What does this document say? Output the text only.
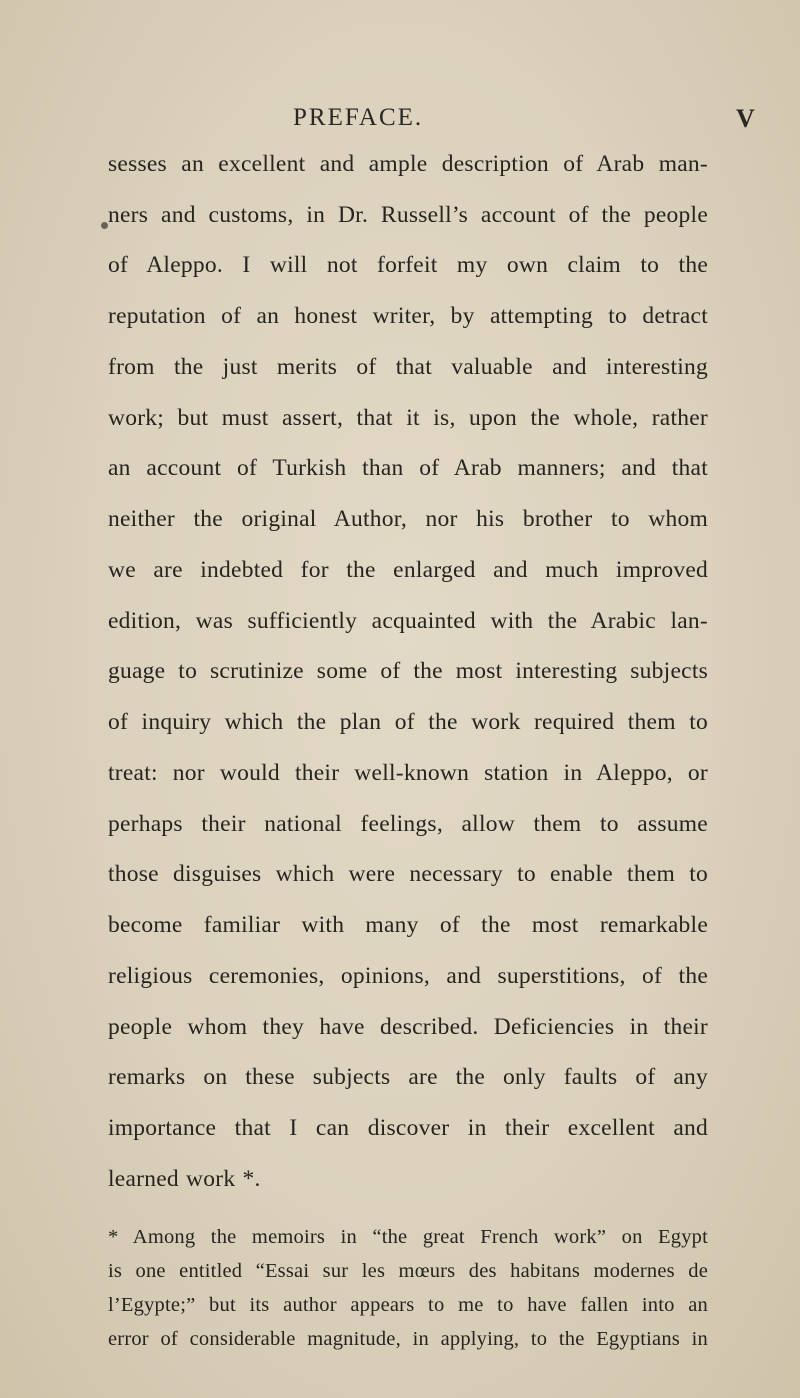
PREFACE.	V
sesses an excellent and ample description of Arab man-
ners and customs, in Dr. Russell’s account of the people
of Aleppo. I will not forfeit my own claim to the
reputation of an honest writer, by attempting to detract
from the just merits of that valuable and interesting
work; but must assert, that it is, upon the whole, rather
an account of Turkish than of Arab manners; and that
neither the original Author, nor his brother to whom
we are indebted for the enlarged and much improved
edition, was sufficiently acquainted with the Arabic lan-
guage to scrutinize some of the most interesting subjects
of inquiry which the plan of the work required them to
treat: nor would their well-known station in Aleppo, or
perhaps their national feelings, allow them to assume
those disguises which were necessary to enable them to
become familiar with many of the most remarkable
religious ceremonies, opinions, and superstitions, of the
people whom they have described. Deficiencies in their
remarks on these subjects are the only faults of any
importance that I can discover in their excellent and
learned work *.
* Among the memoirs in “the great French work” on Egypt
is one entitled “Essai sur les mœurs des habitans modernes de
l’Egypte;” but its author appears to me to have fallen into an
error of considerable magnitude, in applying, to the Egyptians in
